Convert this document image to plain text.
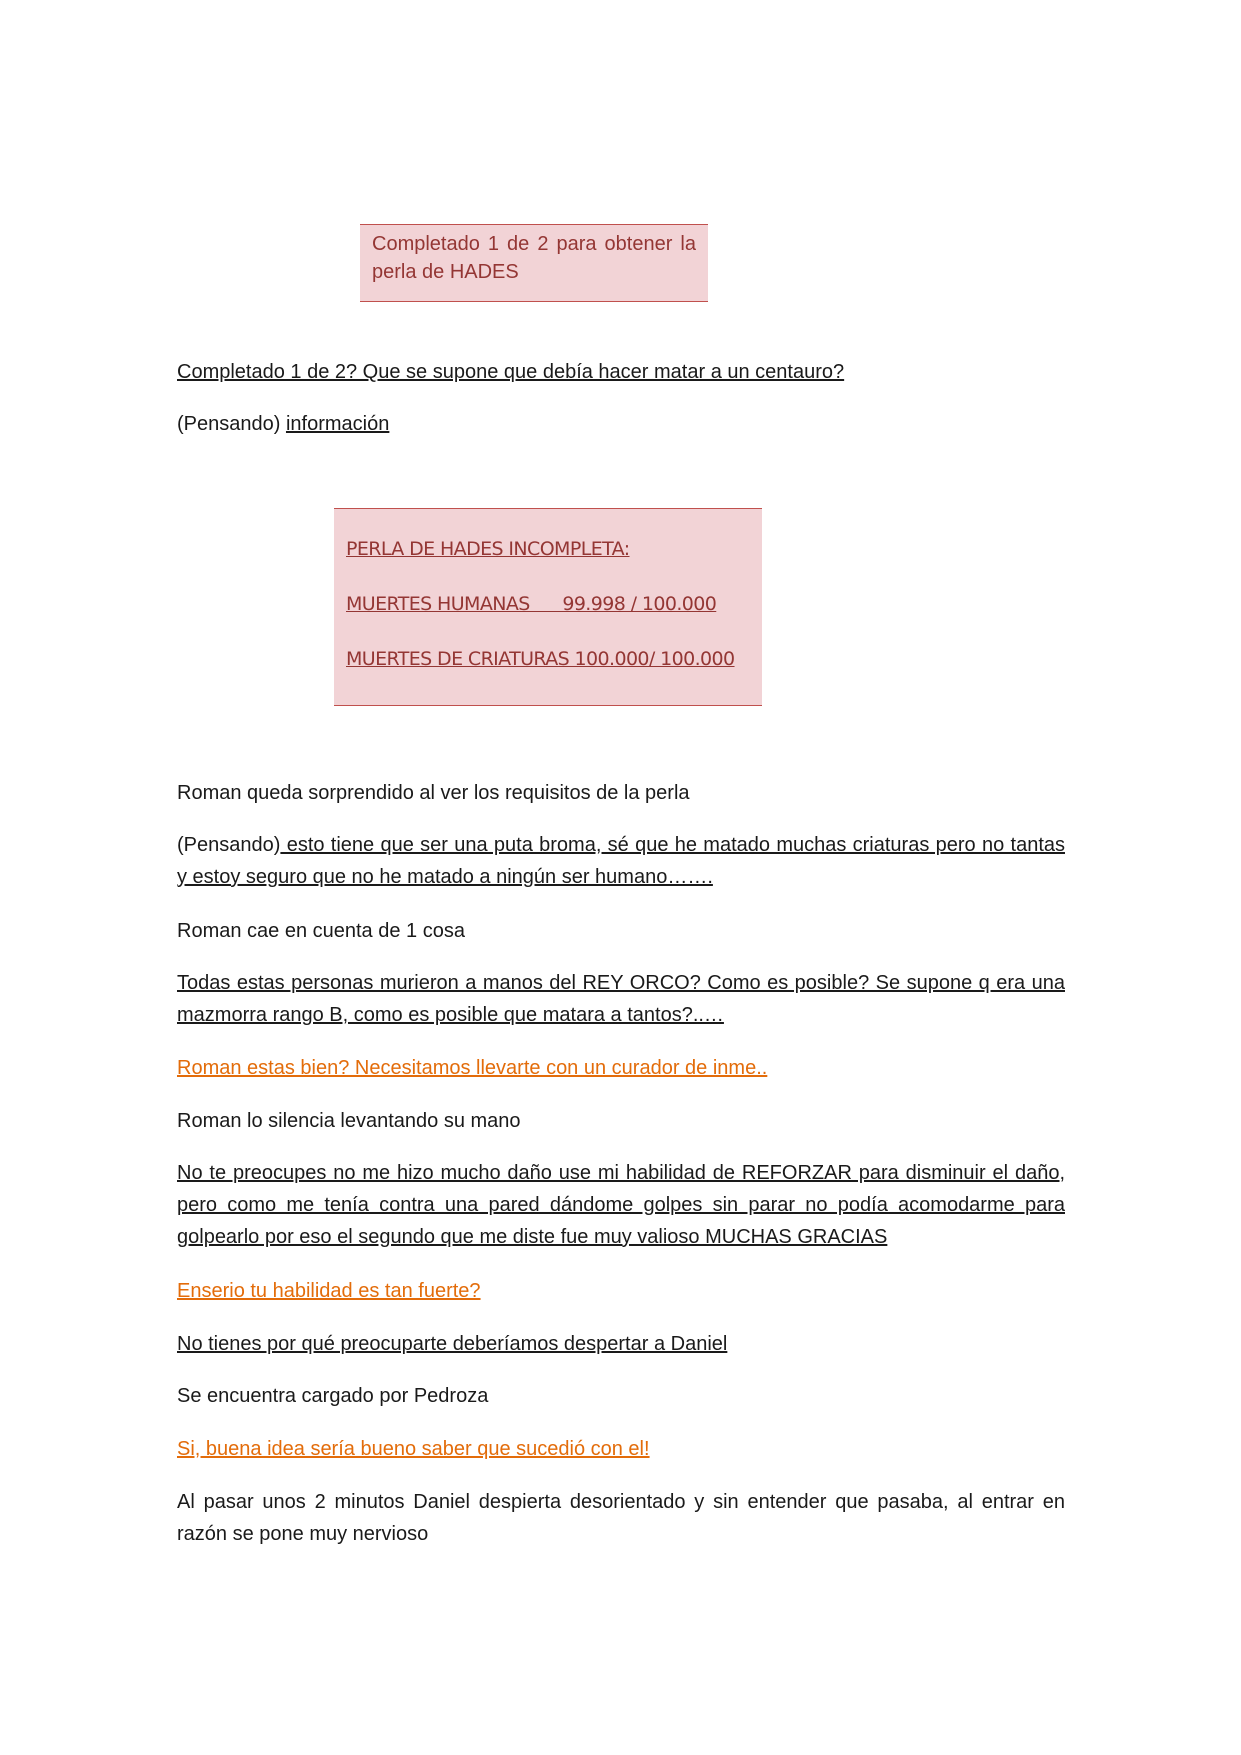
Completado 1 de 2 para obtener la perla de HADES
Completado 1 de 2? Que se supone que debía hacer matar a un centauro?
(Pensando) información
PERLA DE HADES INCOMPLETA:
MUERTES HUMANAS      99.998 / 100.000
MUERTES DE CRIATURAS 100.000/ 100.000
Roman queda sorprendido al ver los requisitos de la perla
(Pensando) esto tiene que ser una puta broma, sé que he matado muchas criaturas pero no tantas y estoy seguro que no he matado a ningún ser humano…….
Roman cae en cuenta de 1 cosa
Todas estas personas murieron a manos del REY ORCO? Como es posible? Se supone q era una mazmorra rango B, como es posible que matara a tantos?..…
Roman estas bien? Necesitamos llevarte con un curador de inme..
Roman lo silencia levantando su mano
No te preocupes no me hizo mucho daño use mi habilidad de REFORZAR para disminuir el daño, pero como me tenía contra una pared dándome golpes sin parar no podía acomodarme para golpearlo por eso el segundo que me diste fue muy valioso MUCHAS GRACIAS
Enserio tu habilidad es tan fuerte?
No tienes por qué preocuparte deberíamos despertar a Daniel
Se encuentra cargado por Pedroza
Si, buena idea sería bueno saber que sucedió con el!
Al pasar unos 2 minutos Daniel despierta desorientado y sin entender que pasaba, al entrar en razón se pone muy nervioso
